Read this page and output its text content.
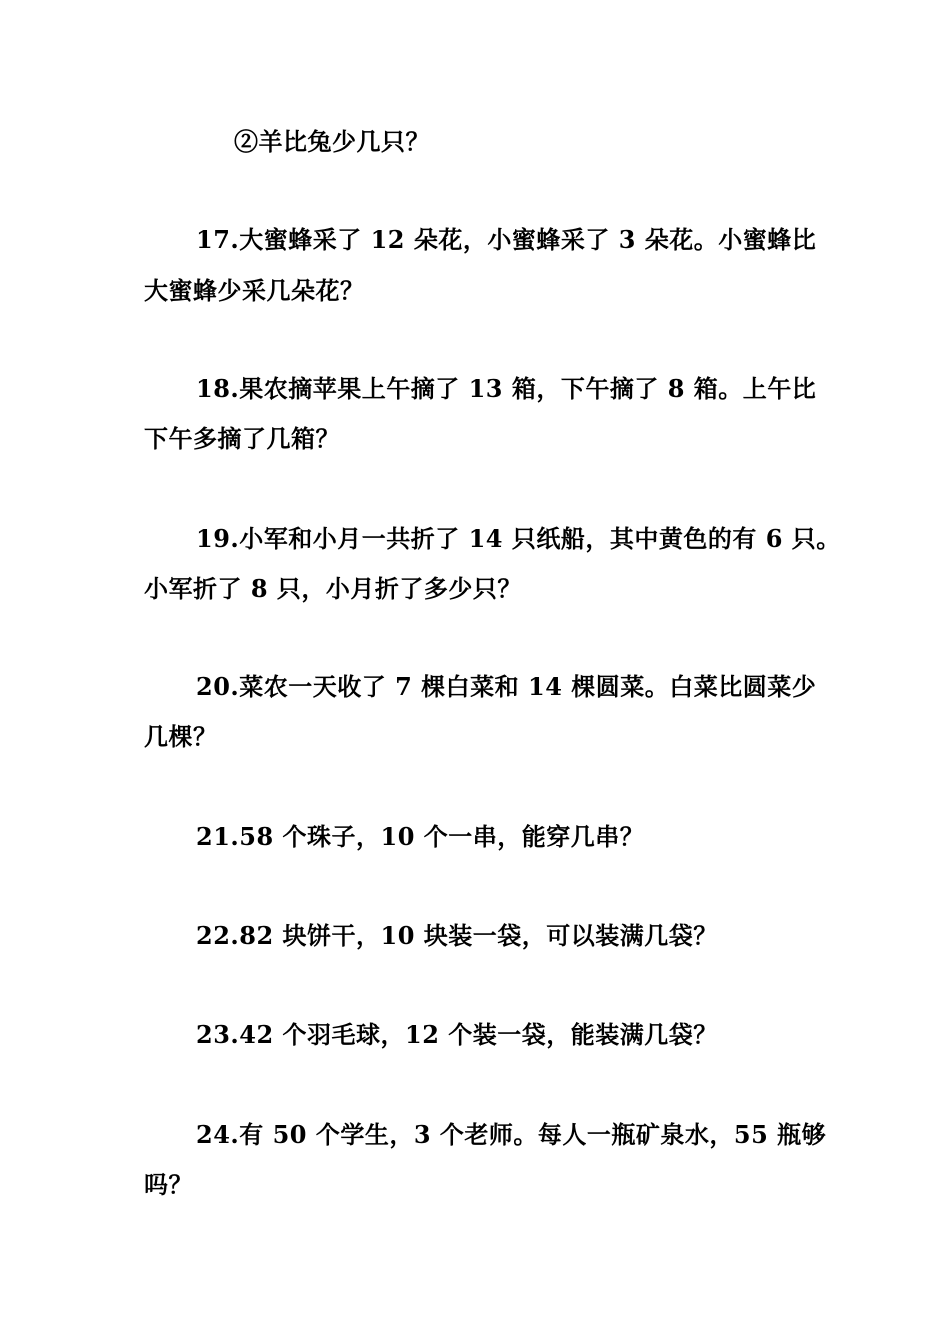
②羊比兔少几只？
17.大蜜蜂采了 12 朵花，小蜜蜂采了 3 朵花。小蜜蜂比
大蜜蜂少采几朵花？
18.果农摘苹果上午摘了 13 箱，下午摘了 8 箱。上午比
下午多摘了几箱？
19.小军和小月一共折了 14 只纸船，其中黄色的有 6 只。
小军折了 8 只，小月折了多少只？
20.菜农一天收了 7 棵白菜和 14 棵圆菜。白菜比圆菜少
几棵？
21.58 个珠子，10 个一串，能穿几串？
22.82 块饼干，10 块装一袋，可以装满几袋？
23.42 个羽毛球，12 个装一袋，能装满几袋？
24.有 50 个学生，3 个老师。每人一瓶矿泉水，55 瓶够
吗？
